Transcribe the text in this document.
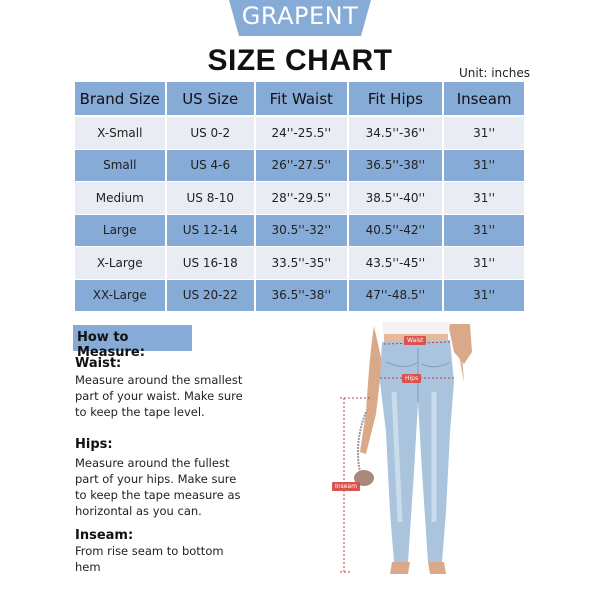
GRAPENT
SIZE CHART	Unit: inches
Brand Size	US Size	Fit Waist	Fit Hips	Inseam
X-Small	US 0-2	24''-25.5''	34.5''-36''	31''
Small	US 4-6	26''-27.5''	36.5''-38''	31''
Medium	US 8-10	28''-29.5''	38.5''-40''	31''
Large	US 12-14	30.5''-32''	40.5''-42''	31''
X-Large	US 16-18	33.5''-35''	43.5''-45''	31''
XX-Large	US 20-22	36.5''-38''	47''-48.5''	31''
How to Measure:
Waist:
Measure around the smallest
part of your waist. Make sure
to keep the tape level.
Hips:
Measure around the fullest
part of your hips. Make sure
to keep the tape measure as
horizontal as you can.
Inseam:
From rise seam to bottom
hem
Waist
Hips
Inseam
